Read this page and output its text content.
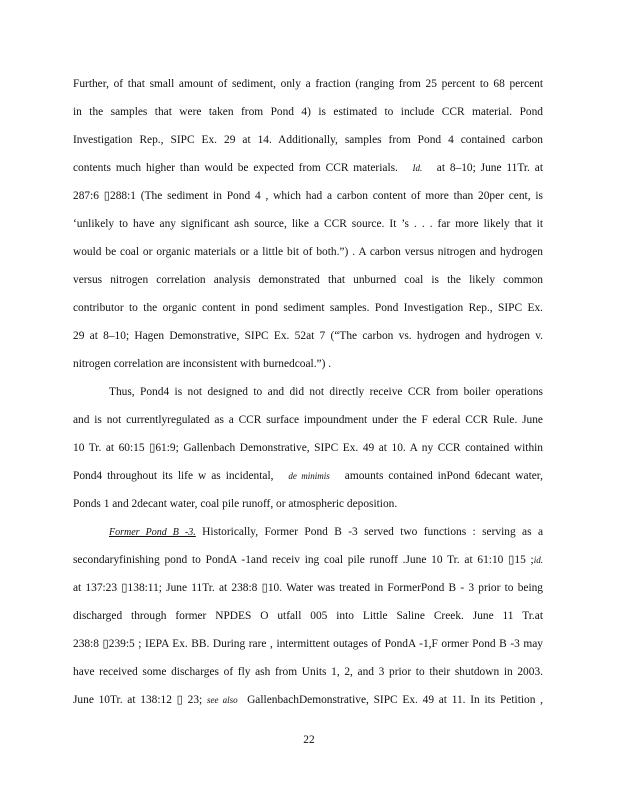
Further, of that small amount of sediment, only a fraction (ranging from 25 percent to 68 percent
in the samples that were taken from Pond 4) is estimated to include CCR material. Pond
Investigation Rep., SIPC Ex. 29 at 14. Additionally, samples from Pond 4 contained carbon
contents much higher than would be expected from CCR materials. Id. at 8–10; June 11Tr. at
287:6 ▯288:1 (The sediment in Pond 4 , which had a carbon content of more than 20per cent, is
‘unlikely to have any significant ash source, like a CCR source. It ’s . . . far more likely that it
would be coal or organic materials or a little bit of both.”) . A carbon versus nitrogen and hydrogen
versus nitrogen correlation analysis demonstrated that unburned coal is the likely common
contributor to the organic content in pond sediment samples. Pond Investigation Rep., SIPC Ex.
29 at 8–10; Hagen Demonstrative, SIPC Ex. 52at 7 (“The carbon vs. hydrogen and hydrogen v.
nitrogen correlation are inconsistent with burnedcoal.”) .
Thus, Pond4 is not designed to and did not directly receive CCR from boiler operations
and is not currentlyregulated as a CCR surface impoundment under the F ederal CCR Rule. June
10 Tr. at 60:15 ▯61:9; Gallenbach Demonstrative, SIPC Ex. 49 at 10. A ny CCR contained within
Pond4 throughout its life w as incidental, de minimis amounts contained inPond 6decant water,
Ponds 1 and 2decant water, coal pile runoff, or atmospheric deposition.
Former Pond B -3. Historically, Former Pond B -3 served two functions : serving as a
secondaryfinishing pond to PondA -1and receiv ing coal pile runoff .June 10 Tr. at 61:10 ▯15 ;id.
at 137:23 ▯138:11; June 11Tr. at 238:8 ▯10. Water was treated in FormerPond B - 3 prior to being
discharged through former NPDES O utfall 005 into Little Saline Creek. June 11 Tr.at
238:8 ▯239:5 ; IEPA Ex. BB. During rare , intermittent outages of PondA -1,F ormer Pond B -3 may
have received some discharges of fly ash from Units 1, 2, and 3 prior to their shutdown in 2003.
June 10Tr. at 138:12 ▯ 23; see also  GallenbachDemonstrative, SIPC Ex. 49 at 11. In its Petition ,
22
